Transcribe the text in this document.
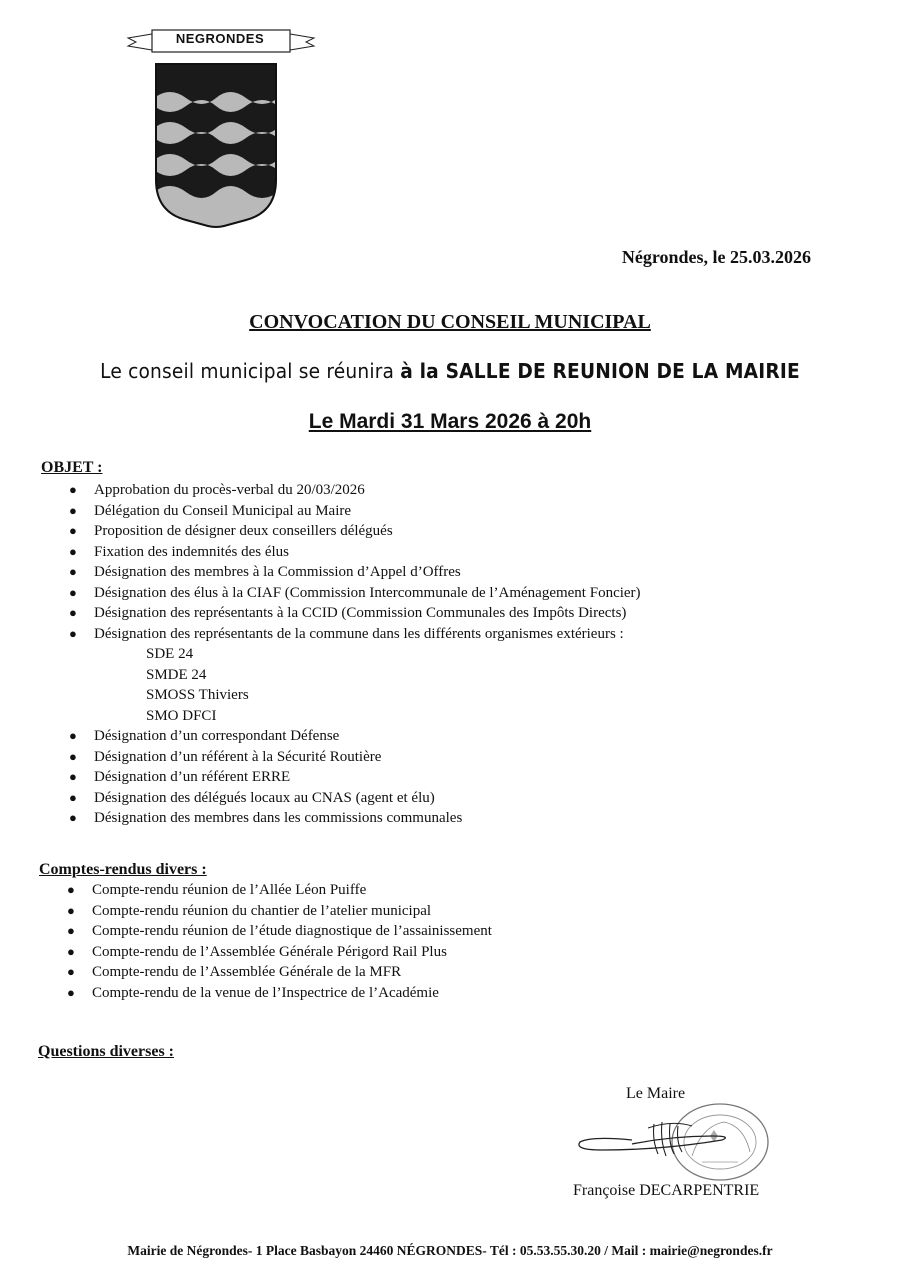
NEGRONDES
Négrondes, le 25.03.2026
CONVOCATION DU CONSEIL MUNICIPAL
Le conseil municipal se réunira à la SALLE DE REUNION DE LA MAIRIE
Le Mardi 31 Mars 2026 à 20h
OBJET :
● Approbation du procès-verbal du 20/03/2026
● Délégation du Conseil Municipal au Maire
● Proposition de désigner deux conseillers délégués
● Fixation des indemnités des élus
● Désignation des membres à la Commission d’Appel d’Offres
● Désignation des élus à la CIAF (Commission Intercommunale de l’Aménagement Foncier)
● Désignation des représentants à la CCID (Commission Communales des Impôts Directs)
● Désignation des représentants de la commune dans les différents organismes extérieurs :
SDE 24
SMDE 24
SMOSS Thiviers
SMO DFCI
● Désignation d’un correspondant Défense
● Désignation d’un référent à la Sécurité Routière
● Désignation d’un référent ERRE
● Désignation des délégués locaux au CNAS (agent et élu)
● Désignation des membres dans les commissions communales
Comptes-rendus divers :
● Compte-rendu réunion de l’Allée Léon Puiffe
● Compte-rendu réunion du chantier de l’atelier municipal
● Compte-rendu réunion de l’étude diagnostique de l’assainissement
● Compte-rendu de l’Assemblée Générale Périgord Rail Plus
● Compte-rendu de l’Assemblée Générale de la MFR
● Compte-rendu de la venue de l’Inspectrice de l’Académie
Questions diverses :
Le Maire
Françoise DECARPENTRIE
Mairie de Négrondes- 1 Place Basbayon 24460 NÉGRONDES- Tél : 05.53.55.30.20 / Mail : mairie@negrondes.fr
